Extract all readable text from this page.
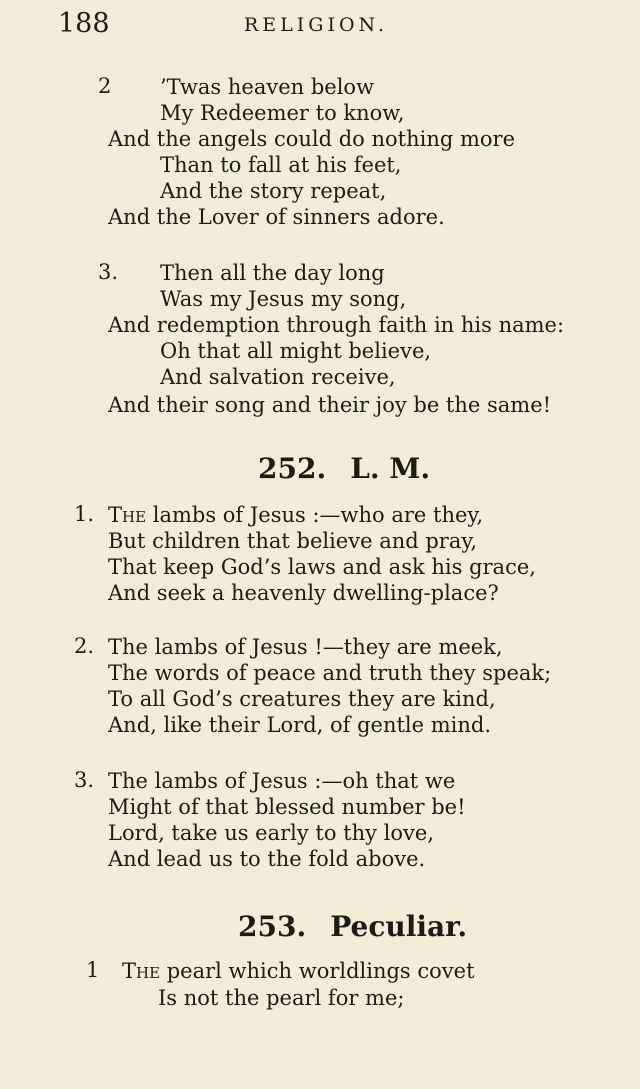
188	RELIGION.
2 ’Twas heaven below
My Redeemer to know,
And the angels could do nothing more
Than to fall at his feet,
And the story repeat,
And the Lover of sinners adore.
3. Then all the day long
Was my Jesus my song,
And redemption through faith in his name:
Oh that all might believe,
And salvation receive,
And their song and their joy be the same!
252. L. M.
1. The lambs of Jesus :—who are they,
But children that believe and pray,
That keep God’s laws and ask his grace,
And seek a heavenly dwelling-place?
2. The lambs of Jesus !—they are meek,
The words of peace and truth they speak;
To all God’s creatures they are kind,
And, like their Lord, of gentle mind.
3. The lambs of Jesus :—oh that we
Might of that blessed number be!
Lord, take us early to thy love,
And lead us to the fold above.
253. Peculiar.
1 The pearl which worldlings covet
Is not the pearl for me;
